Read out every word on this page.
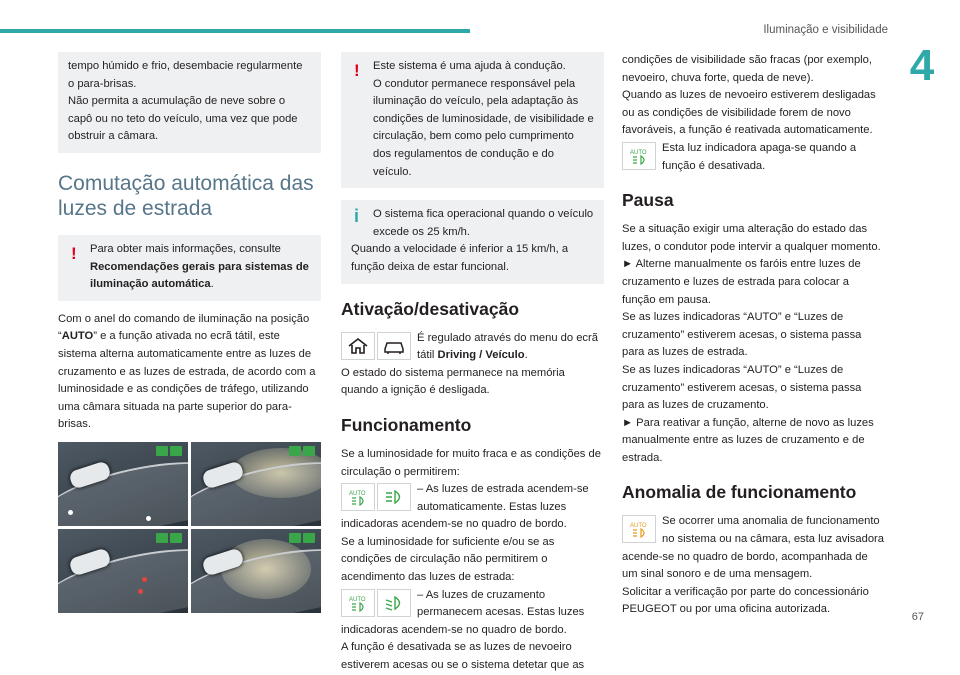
Iluminação e visibilidade
4
67

tempo húmido e frio, desembacie regularmente o para-brisas.
Não permita a acumulação de neve sobre o capô ou no teto do veículo, uma vez que pode obstruir a câmara.

Comutação automática das luzes de estrada
!	Para obter mais informações, consulte Recomendações gerais para sistemas de iluminação automática.

Com o anel do comando de iluminação na posição “AUTO” e a função ativada no ecrã tátil, este sistema alterna automaticamente entre as luzes de cruzamento e as luzes de estrada, de acordo com a luminosidade e as condições de tráfego, utilizando uma câmara situada na parte superior do para-brisas.

!	Este sistema é uma ajuda à condução.
O condutor permanece responsável pela iluminação do veículo, pela adaptação às condições de luminosidade, de visibilidade e circulação, bem como pelo cumprimento dos regulamentos de condução e do veículo.

i	O sistema fica operacional quando o veículo excede os 25 km/h.

Quando a velocidade é inferior a 15 km/h, a função deixa de estar funcional.

Ativação/desativação

É regulado através do menu do ecrã tátil Driving / Veículo.

O estado do sistema permanece na memória quando a ignição é desligada.

Funcionamento

Se a luminosidade for muito fraca e as condições de circulação o permitirem:

AUTO	– As luzes de estrada acendem-se automaticamente. Estas luzes indicadoras acendem-se no quadro de bordo.

Se a luminosidade for suficiente e/ou se as condições de circulação não permitirem o acendimento das luzes de estrada:

AUTO	– As luzes de cruzamento permanecem acesas. Estas luzes indicadoras acendem-se no quadro de bordo.

A função é desativada se as luzes de nevoeiro estiverem acesas ou se o sistema detetar que as

condições de visibilidade são fracas (por exemplo, nevoeiro, chuva forte, queda de neve).
Quando as luzes de nevoeiro estiverem desligadas ou as condições de visibilidade forem de novo favoráveis, a função é reativada automaticamente.

AUTO Esta luz indicadora apaga-se quando a função é desativada.

Pausa

Se a situação exigir uma alteração do estado das luzes, o condutor pode intervir a qualquer momento.

► Alterne manualmente os faróis entre luzes de cruzamento e luzes de estrada para colocar a função em pausa.

Se as luzes indicadoras “AUTO” e “Luzes de cruzamento” estiverem acesas, o sistema passa para as luzes de estrada.

Se as luzes indicadoras “AUTO” e “Luzes de cruzamento” estiverem acesas, o sistema passa para as luzes de cruzamento.

► Para reativar a função, alterne de novo as luzes manualmente entre as luzes de cruzamento e de estrada.

Anomalia de funcionamento
AUTO	Se ocorrer uma anomalia de funcionamento no sistema ou na câmara, esta luz avisadora acende-se no quadro de bordo, acompanhada de um sinal sonoro e de uma mensagem.

Solicitar a verificação por parte do concessionário PEUGEOT ou por uma oficina autorizada.
